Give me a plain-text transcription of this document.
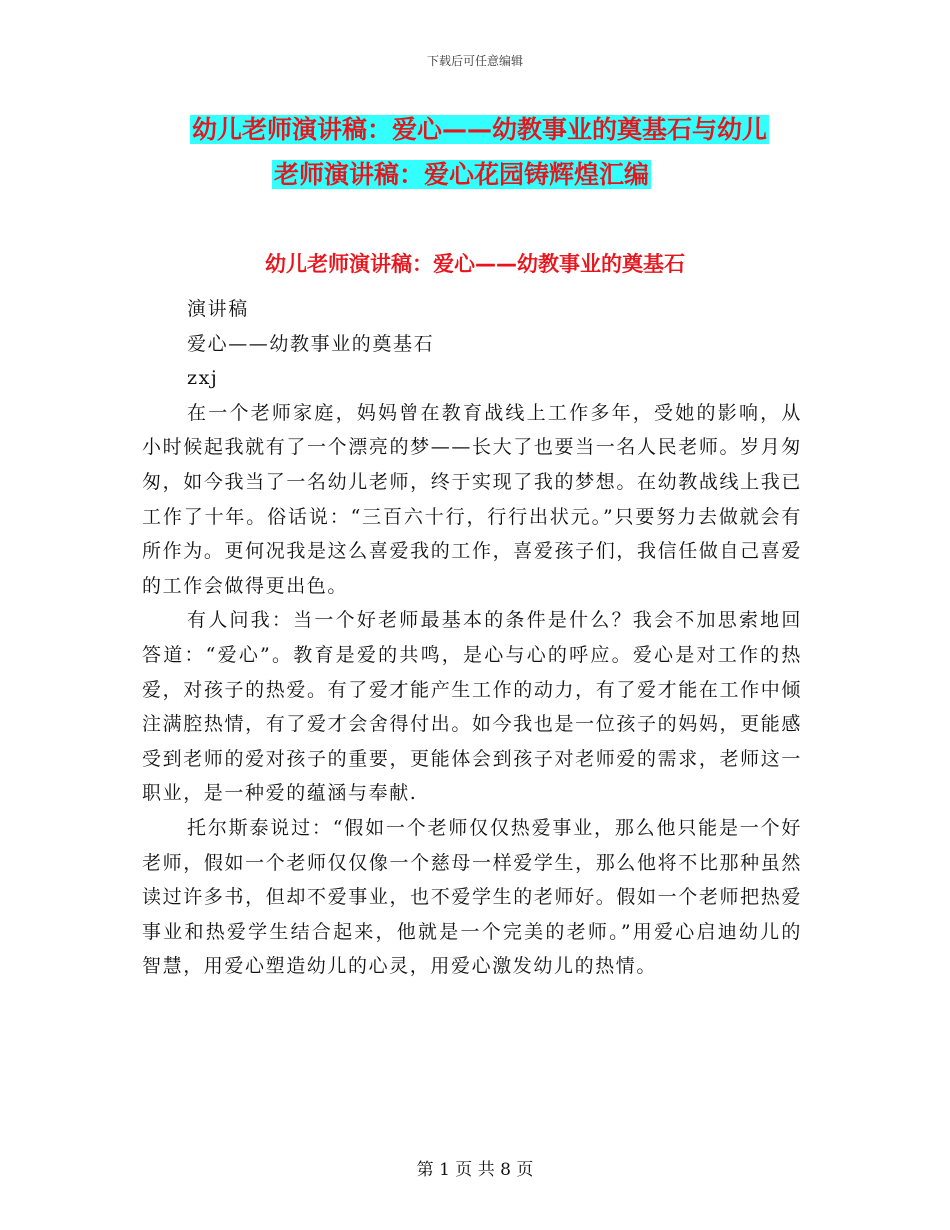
下载后可任意编辑
幼儿老师演讲稿：爱心——幼教事业的奠基石与幼儿
老师演讲稿：爱心花园铸辉煌汇编
幼儿老师演讲稿：爱心——幼教事业的奠基石

演讲稿

爱心——幼教事业的奠基石

zxj

在一个老师家庭，妈妈曾在教育战线上工作多年，受她的影响，从小时候起我就有了一个漂亮的梦——长大了也要当一名人民老师。岁月匆匆，如今我当了一名幼儿老师，终于实现了我的梦想。在幼教战线上我已工作了十年。俗话说：“三百六十行，行行出状元。”只要努力去做就会有所作为。更何况我是这么喜爱我的工作，喜爱孩子们，我信任做自己喜爱的工作会做得更出色。

有人问我：当一个好老师最基本的条件是什么？我会不加思索地回答道：“爱心”。教育是爱的共鸣，是心与心的呼应。爱心是对工作的热爱，对孩子的热爱。有了爱才能产生工作的动力，有了爱才能在工作中倾注满腔热情，有了爱才会舍得付出。如今我也是一位孩子的妈妈，更能感受到老师的爱对孩子的重要，更能体会到孩子对老师爱的需求，老师这一职业，是一种爱的蕴涵与奉献.

托尔斯泰说过：“假如一个老师仅仅热爱事业，那么他只能是一个好老师，假如一个老师仅仅像一个慈母一样爱学生，那么他将不比那种虽然读过许多书，但却不爱事业，也不爱学生的老师好。假如一个老师把热爱事业和热爱学生结合起来，他就是一个完美的老师。”用爱心启迪幼儿的智慧，用爱心塑造幼儿的心灵，用爱心激发幼儿的热情。

第 1 页 共 8 页
